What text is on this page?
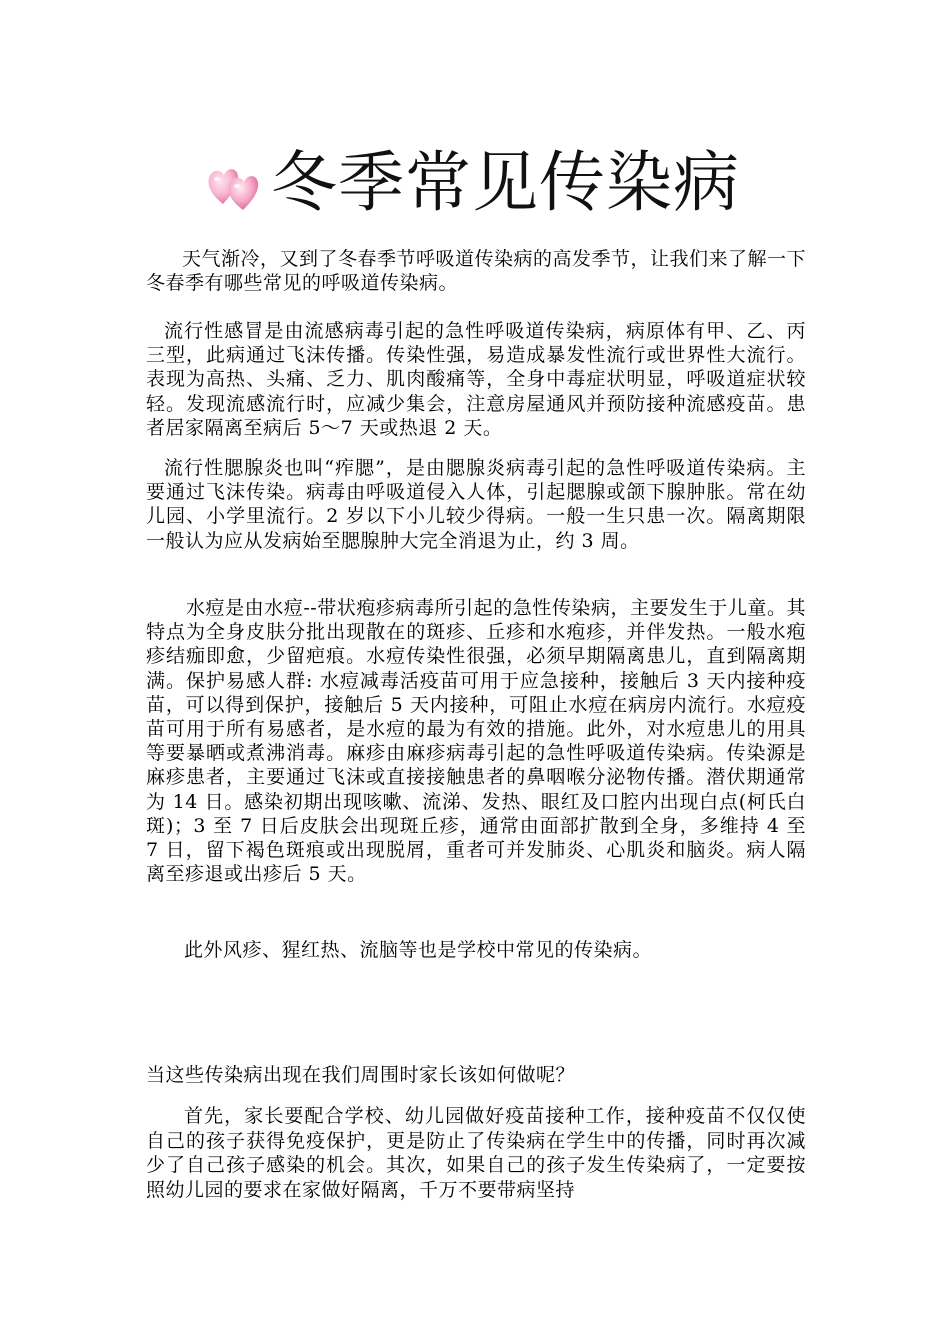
冬季常见传染病

天气渐冷，又到了冬春季节呼吸道传染病的高发季节，让我们来了解一下冬春季有哪些常见的呼吸道传染病。

流行性感冒是由流感病毒引起的急性呼吸道传染病，病原体有甲、乙、丙三型，此病通过飞沫传播。传染性强，易造成暴发性流行或世界性大流行。表现为高热、头痛、乏力、肌肉酸痛等，全身中毒症状明显，呼吸道症状较轻。发现流感流行时，应减少集会，注意房屋通风并预防接种流感疫苗。患者居家隔离至病后 5～7 天或热退 2 天。

流行性腮腺炎也叫“痄腮”，是由腮腺炎病毒引起的急性呼吸道传染病。主要通过飞沫传染。病毒由呼吸道侵入人体，引起腮腺或颌下腺肿胀。常在幼儿园、小学里流行。2 岁以下小儿较少得病。一般一生只患一次。隔离期限一般认为应从发病始至腮腺肿大完全消退为止，约 3 周。

水痘是由水痘--带状疱疹病毒所引起的急性传染病，主要发生于儿童。其特点为全身皮肤分批出现散在的斑疹、丘疹和水疱疹，并伴发热。一般水疱疹结痂即愈，少留疤痕。水痘传染性很强，必须早期隔离患儿，直到隔离期满。保护易感人群: 水痘减毒活疫苗可用于应急接种，接触后 3 天内接种疫苗，可以得到保护，接触后 5 天内接种，可阻止水痘在病房内流行。水痘疫苗可用于所有易感者，是水痘的最为有效的措施。此外，对水痘患儿的用具等要暴晒或煮沸消毒。麻疹由麻疹病毒引起的急性呼吸道传染病。传染源是麻疹患者，主要通过飞沫或直接接触患者的鼻咽喉分泌物传播。潜伏期通常为 14 日。感染初期出现咳嗽、流涕、发热、眼红及口腔内出现白点(柯氏白斑)；3 至 7 日后皮肤会出现斑丘疹，通常由面部扩散到全身，多维持 4 至 7 日，留下褐色斑痕或出现脱屑，重者可并发肺炎、心肌炎和脑炎。病人隔离至疹退或出疹后 5 天。

此外风疹、猩红热、流脑等也是学校中常见的传染病。

当这些传染病出现在我们周围时家长该如何做呢？

首先，家长要配合学校、幼儿园做好疫苗接种工作，接种疫苗不仅仅使自己的孩子获得免疫保护，更是防止了传染病在学生中的传播，同时再次减少了自己孩子感染的机会。其次，如果自己的孩子发生传染病了，一定要按照幼儿园的要求在家做好隔离，千万不要带病坚持
